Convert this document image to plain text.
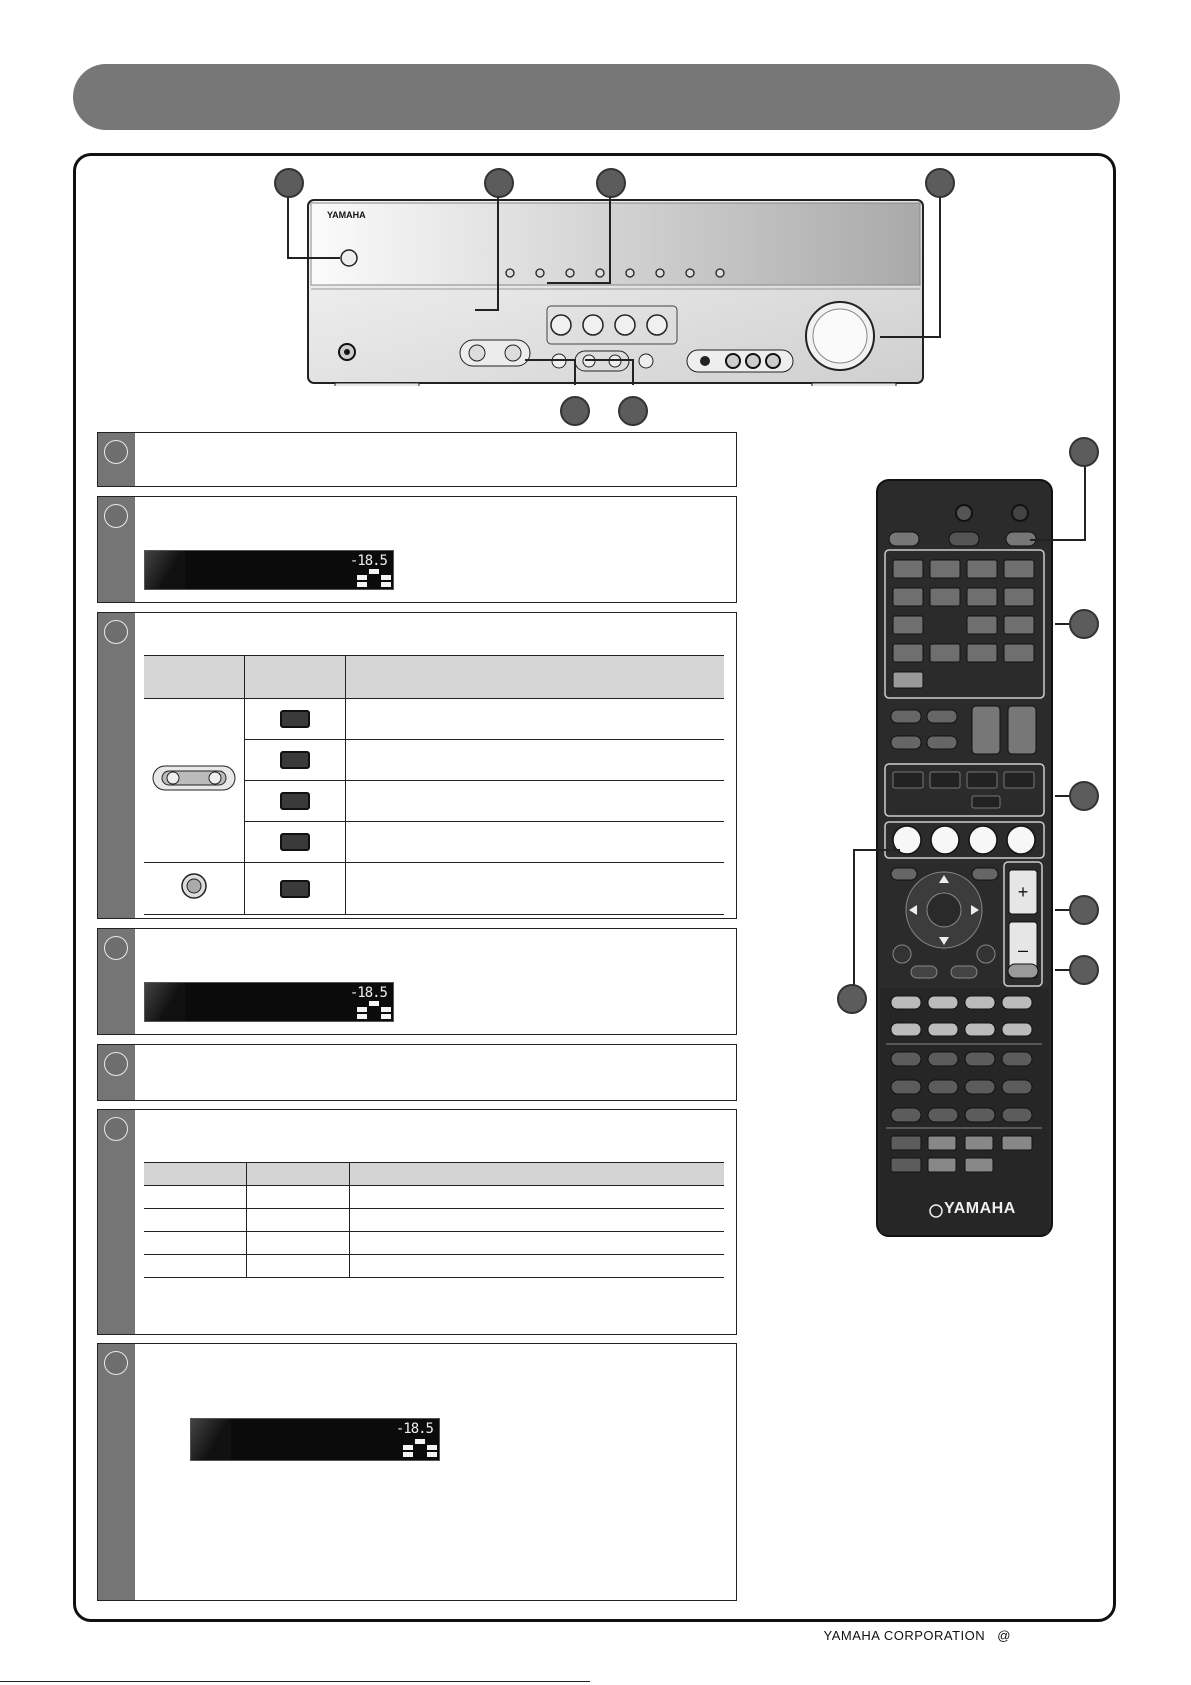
YAMAHA
-18.5

-18.5

-18.5
+
–
YAMAHA
YAMAHA CORPORATION @
